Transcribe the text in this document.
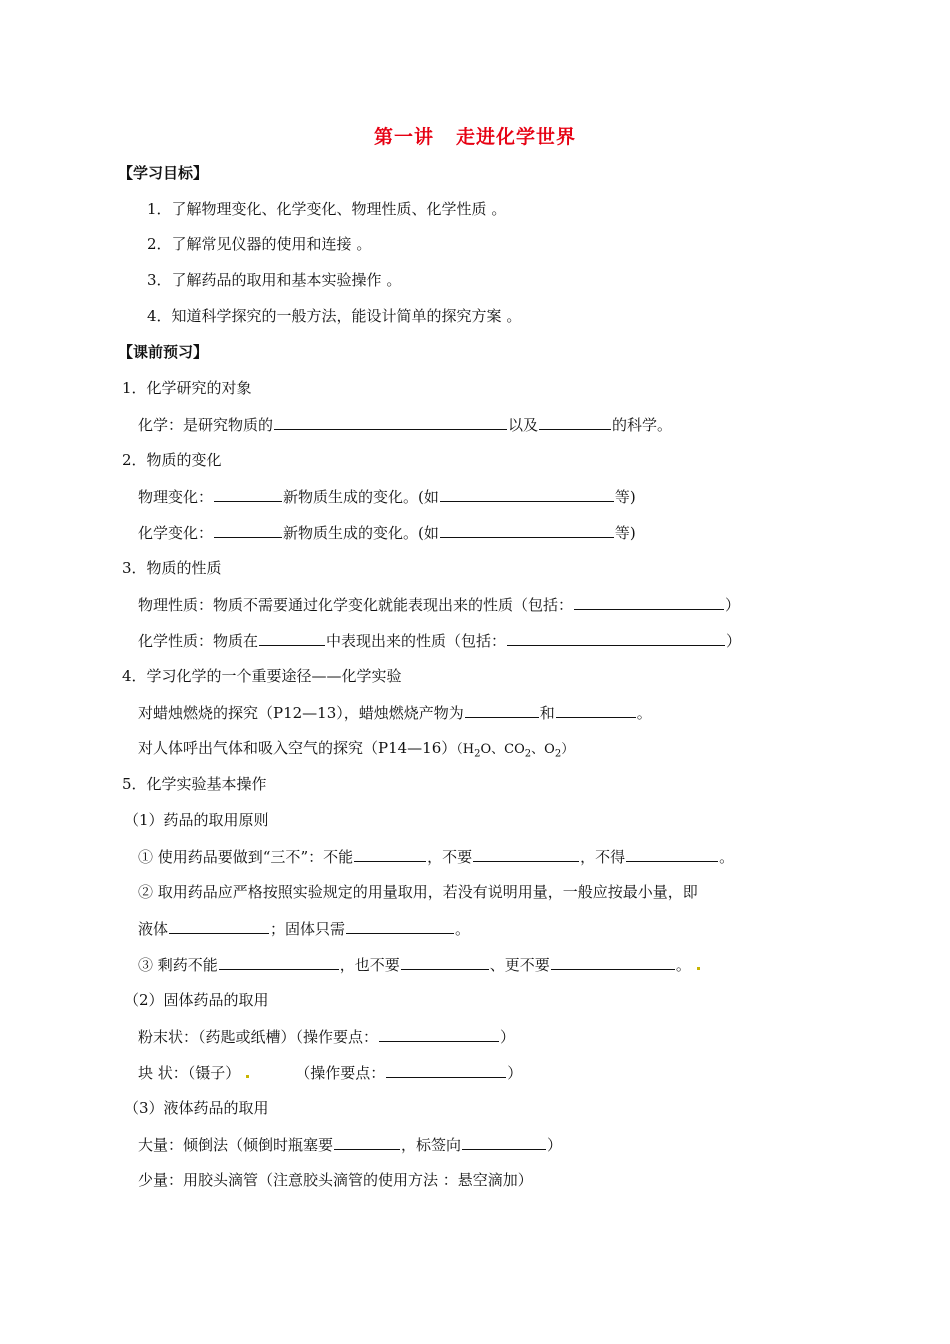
第一讲 走进化学世界
【学习目标】
1．了解物理变化、化学变化、物理性质、化学性质 。
2．了解常见仪器的使用和连接 。
3．了解药品的取用和基本实验操作 。
4．知道科学探究的一般方法，能设计简单的探究方案 。
【课前预习】
1．化学研究的对象
化学：是研究物质的	以及	的科学。
2．物质的变化
物理变化：	新物质生成的变化。(如	等)
化学变化：	新物质生成的变化。(如	等)
3．物质的性质
物理性质：物质不需要通过化学变化就能表现出来的性质（包括：	）
化学性质：物质在	中表现出来的性质（包括：	）
4．学习化学的一个重要途径——化学实验
对蜡烛燃烧的探究（P12—13），蜡烛燃烧产物为	和	。
对人体呼出气体和吸入空气的探究$(P14—16)(H_2O$、$CO_2$、$O_2$）
5．化学实验基本操作
（1）药品的取用原则
① 使用药品要做到“三不”：不能	，不要	，不得	。
② 取用药品应严格按照实验规定的用量取用，若没有说明用量，一般应按最小量，即
液体	；固体只需	。
③ 剩药不能	，也不要	、更不要	。
（2）固体药品的取用
粉末状：（药匙或纸槽）（操作要点：	）
块 状：（镊子）	（操作要点：	）
（3）液体药品的取用
大量：倾倒法（倾倒时瓶塞要	，标签向	）
少量：用胶头滴管（注意胶头滴管的使用方法 ：悬空滴加）
